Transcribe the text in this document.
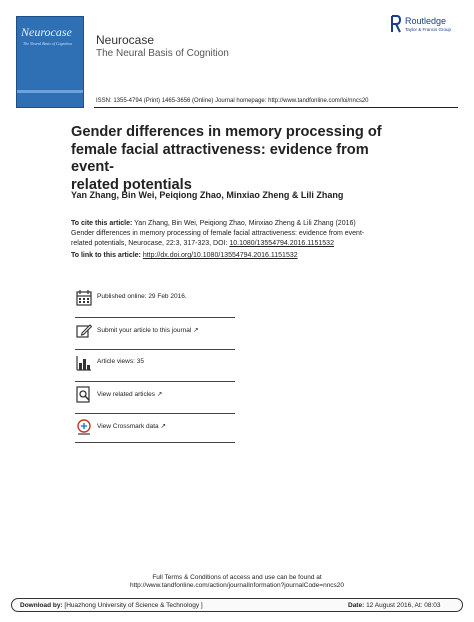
Neurocase
The Neural Basis of Cognition Neurocase
The Neural Basis of Cognition
Routledge
Taylor & Francis Group
ISSN: 1355-4794 (Print) 1465-3656 (Online) Journal homepage: http://www.tandfonline.com/loi/nncs20
Gender differences in memory processing of
female facial attractiveness: evidence from event-
related potentials
Yan Zhang, Bin Wei, Peiqiong Zhao, Minxiao Zheng & Lili Zhang
To cite this article: Yan Zhang, Bin Wei, Peiqiong Zhao, Minxiao Zheng & Lili Zhang (2016)
Gender differences in memory processing of female facial attractiveness: evidence from event-
related potentials, Neurocase, 22:3, 317-323, DOI: 10.1080/13554794.2016.1151532
To link to this article: http://dx.doi.org/10.1080/13554794.2016.1151532
Published online: 29 Feb 2016.
Submit your article to this journal ↗
Article views: 35
View related articles ↗
View Crossmark data ↗
Full Terms & Conditions of access and use can be found at
http://www.tandfonline.com/action/journalInformation?journalCode=nncs20
Download by: [Huazhong University of Science & Technology ]	Date: 12 August 2016, At: 08:03
